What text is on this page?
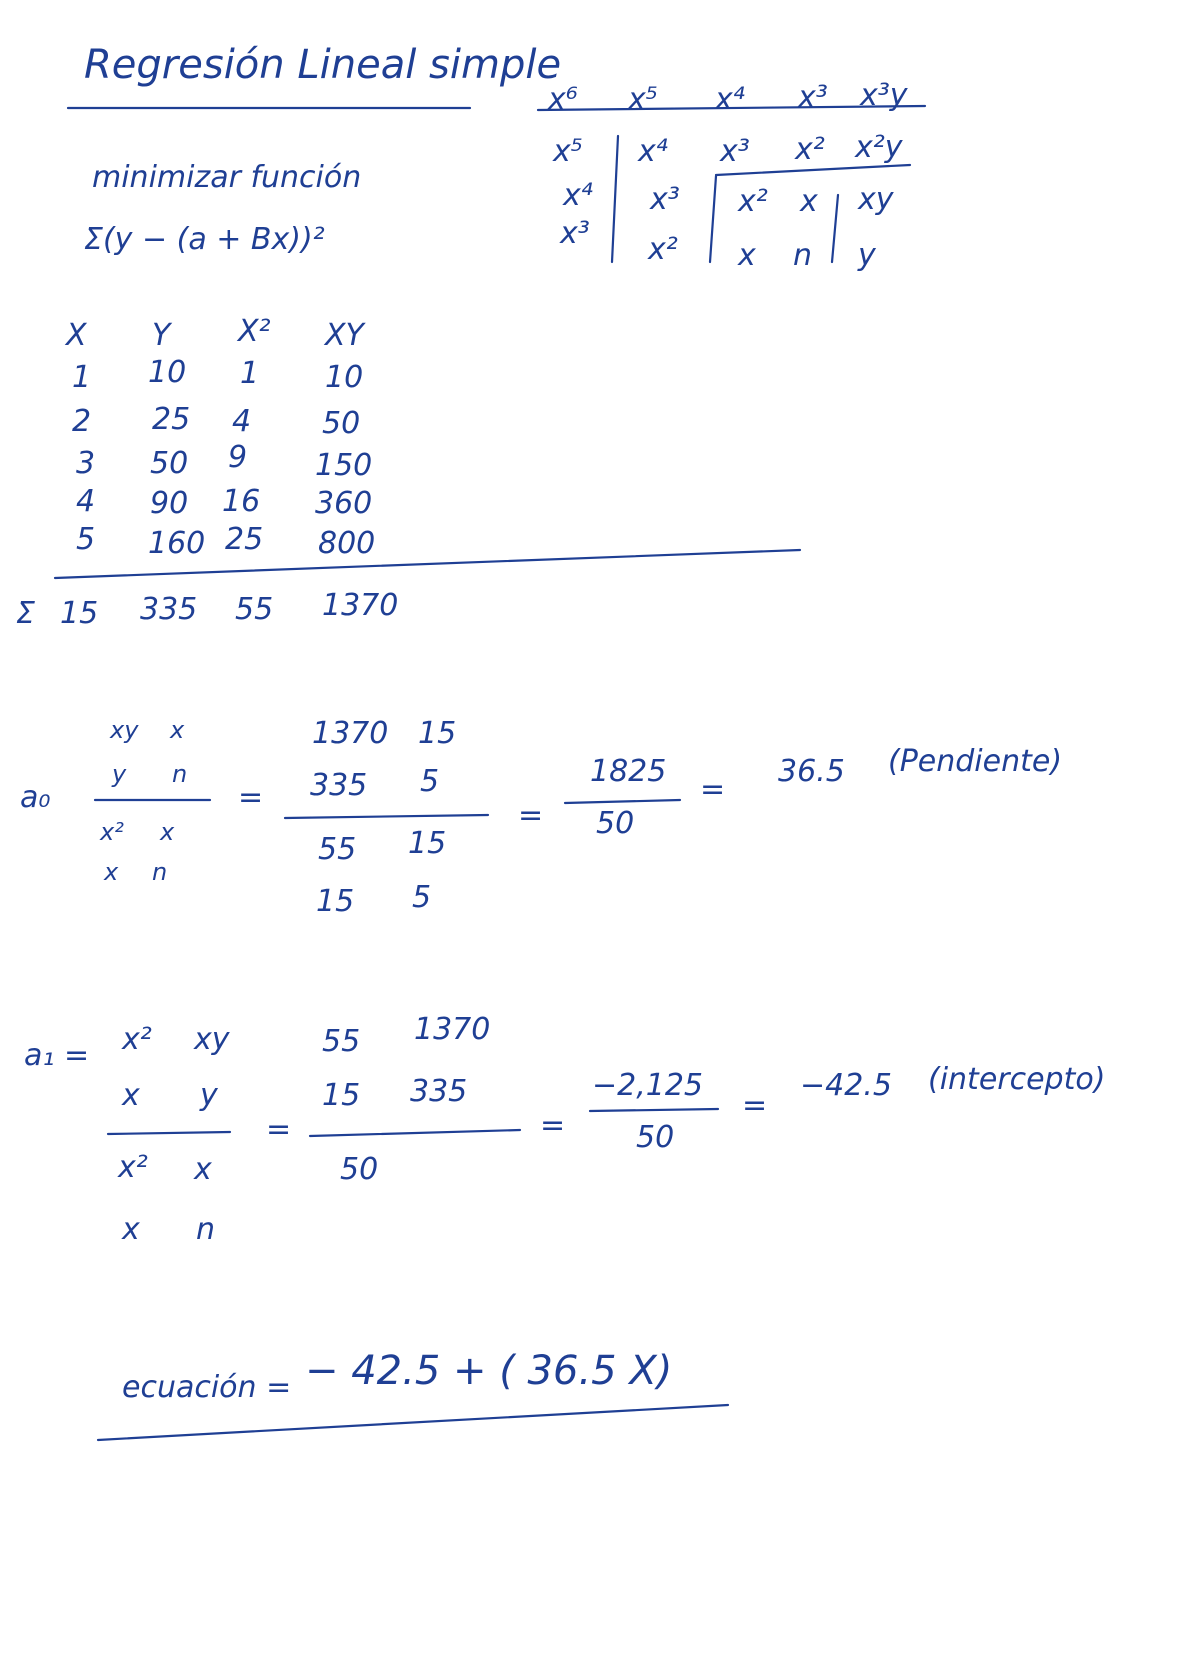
Regresión Lineal simple
minimizar función
Σ(y − (a + Bx))²
x⁶ x⁵ x⁴ x³ x³y
x⁵ x⁴ x³ x² x²y
x⁴ x³ x² x xy
x³ x² x n y
X Y X² XY
1 10 1 10
2 25 4 50
3 50 9 150
4 90 16 360
5 160 25 800
Σ 15 335 55 1370
a₀
xy x
y n
x² x
x n
=
1370 15
335 5
55 15
15 5
=
1825
50
=
36.5 (Pendiente)
a₁ = x² xy
x y
x² x
x n
=
55 1370
15 335
50
=
−2,125
50
=
−42.5 (intercepto)
ecuación = − 42.5 + ( 36.5 X)
